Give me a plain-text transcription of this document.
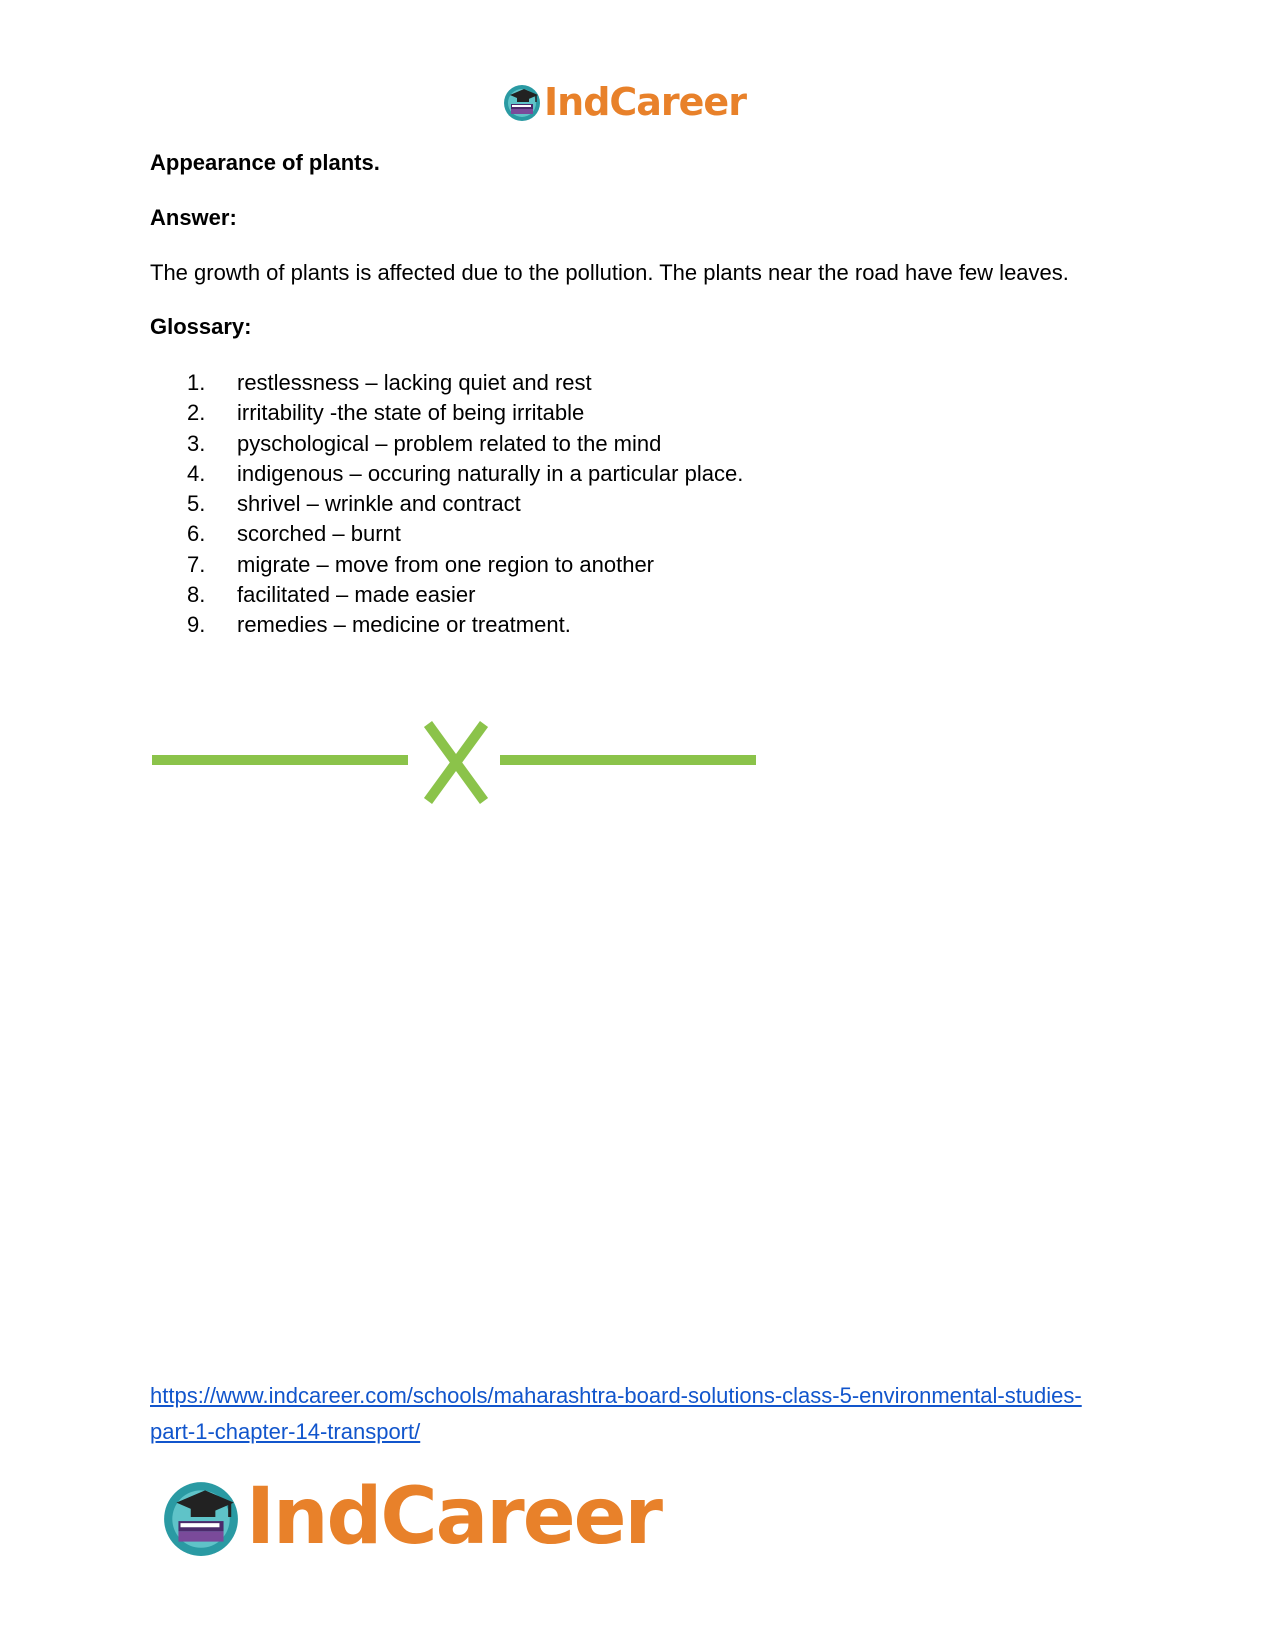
IndCareer

Appearance of plants.

Answer:

The growth of plants is affected due to the pollution. The plants near the road have few leaves.

Glossary:

1.	restlessness – lacking quiet and rest
2.	irritability -the state of being irritable
3.	pyschological – problem related to the mind
4.	indigenous – occuring naturally in a particular place.
5.	shrivel – wrinkle and contract
6.	scorched – burnt
7.	migrate – move from one region to another
8.	facilitated – made easier
9.	remedies – medicine or treatment.
https://www.indcareer.com/schools/maharashtra-board-solutions-class-5-environmental-studies-
part-1-chapter-14-transport/
IndCareer
